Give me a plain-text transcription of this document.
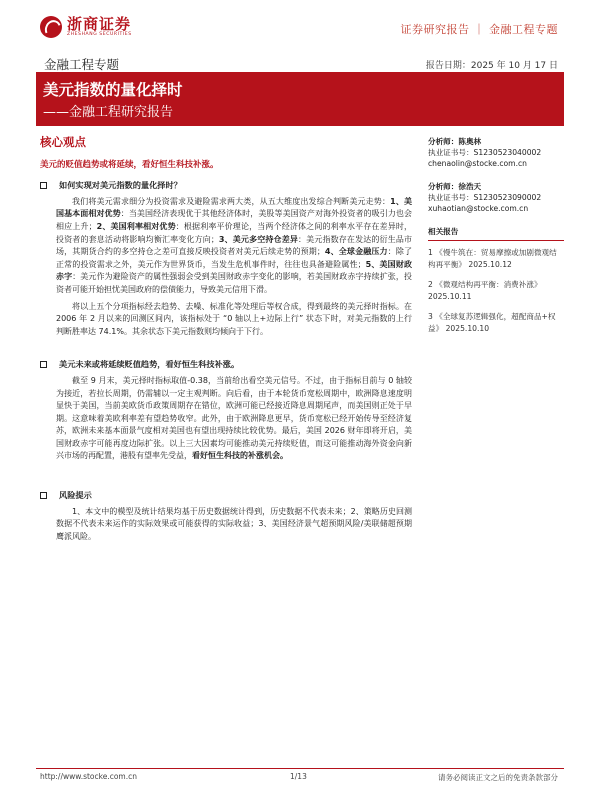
浙商证券
ZHESHANG SECURITIES	证券研究报告 ｜ 金融工程专题
金融工程专题	报告日期：2025 年 10 月 17 日
美元指数的量化择时
——金融工程研究报告
核心观点
美元的贬值趋势或将延续，看好恒生科技补涨。
如何实现对美元指数的量化择时？

我们将美元需求细分为投资需求及避险需求两大类，从五大维度出发综合判断美元走势：1、美国基本面相对优势：当美国经济表现优于其他经济体时，美股等美国资产对海外投资者的吸引力也会相应上升；2、美国利率相对优势：根据利率平价理论，当两个经济体之间的利率水平存在差异时，投资者的套息活动将影响均衡汇率变化方向；3、美元多空持仓差异：美元指数存在发达的衍生品市场，其期货合约的多空持仓之差可直接反映投资者对美元后续走势的预期；4、全球金融压力：除了正常的投资需求之外，美元作为世界货币，当发生危机事件时，往往也具备避险属性；5、美国财政赤字：美元作为避险资产的属性强弱会受到美国财政赤字变化的影响，若美国财政赤字持续扩张，投资者可能开始担忧美国政府的偿债能力，导致美元信用下滑。

将以上五个分项指标经去趋势、去噪、标准化等处理后等权合成，得到最终的美元择时指标。在 2006 年 2 月以来的回测区间内，该指标处于 “0 轴以上+边际上行” 状态下时，对美元指数的上行判断胜率达 74.1%。其余状态下美元指数则均倾向于下行。

美元未来或将延续贬值趋势，看好恒生科技补涨。

截至 9 月末，美元择时指标取值-0.38，当前给出看空美元信号。不过，由于指标目前与 0 轴较为接近，若拉长周期，仍需辅以一定主观判断。向后看，由于本轮货币宽松周期中，欧洲降息速度明显快于美国，当前美欧货币政策周期存在错位，欧洲可能已经接近降息周期尾声，而美国则正处于早期。这意味着美欧利率差有望趋势收窄。此外，由于欧洲降息更早，货币宽松已经开始传导至经济复苏，欧洲未来基本面景气度相对美国也有望出现持续比较优势。最后，美国 2026 财年即将开启，美国财政赤字可能再度边际扩张。以上三大因素均可能推动美元持续贬值，而这可能推动海外资金向新兴市场的再配置，港股有望率先受益，看好恒生科技的补涨机会。

风险提示

1、本文中的模型及统计结果均基于历史数据统计得到，历史数据不代表未来；2、策略历史回测数据不代表未来运作的实际效果或可能获得的实际收益；3、美国经济景气超预期风险/美联储超预期鹰派风险。

分析师：陈奥林
执业证书号：S1230523040002
chenaolin@stocke.com.cn
分析师：徐浩天
执业证书号：S1230523090002
xuhaotian@stocke.com.cn
相关报告
1 《慢牛筑在：贸易摩擦或加剧微观结构再平衡》 2025.10.12
2 《微观结构再平衡：消费补涨》 2025.10.11
3 《全球复苏逻辑强化，超配商品+权益》 2025.10.10
http://www.stocke.com.cn	1/13	请务必阅读正文之后的免责条款部分
